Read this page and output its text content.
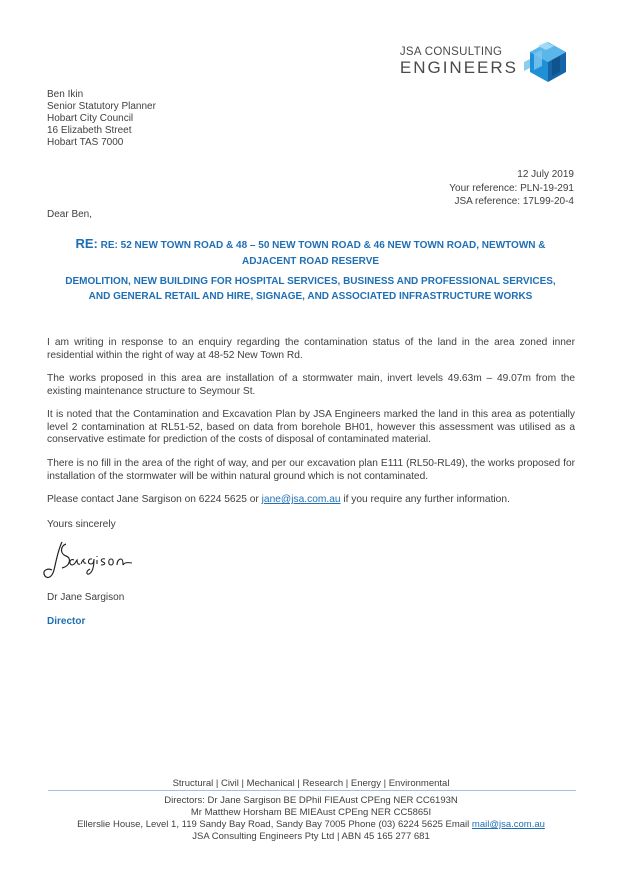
JSA CONSULTING
ENGINEERS
Ben Ikin
Senior Statutory Planner
Hobart City Council
16 Elizabeth Street
Hobart TAS 7000
12 July 2019
Your reference: PLN-19-291
JSA reference: 17L99-20-4
Dear Ben,
RE: RE: 52 NEW TOWN ROAD & 48 – 50 NEW TOWN ROAD & 46 NEW TOWN ROAD, NEWTOWN &
ADJACENT ROAD RESERVE
DEMOLITION, NEW BUILDING FOR HOSPITAL SERVICES, BUSINESS AND PROFESSIONAL SERVICES,
AND GENERAL RETAIL AND HIRE, SIGNAGE, AND ASSOCIATED INFRASTRUCTURE WORKS
I am writing in response to an enquiry regarding the contamination status of the land in the area zoned inner residential within the right of way at 48-52 New Town Rd.
The works proposed in this area are installation of a stormwater main, invert levels 49.63m – 49.07m from the existing maintenance structure to Seymour St.
It is noted that the Contamination and Excavation Plan by JSA Engineers marked the land in this area as potentially level 2 contamination at RL51-52, based on data from borehole BH01, however this assessment was utilised as a conservative estimate for prediction of the costs of disposal of contaminated material.
There is no fill in the area of the right of way, and per our excavation plan E111 (RL50-RL49), the works proposed for installation of the stormwater will be within natural ground which is not contaminated.
Please contact Jane Sargison on 6224 5625 or jane@jsa.com.au if you require any further information.
Yours sincerely
Dr Jane Sargison
Director
Structural | Civil | Mechanical | Research | Energy | Environmental
Directors: Dr Jane Sargison BE DPhil FIEAust CPEng NER CC6193N
Mr Matthew Horsham BE MIEAust CPEng NER CC5865I
Ellerslie House, Level 1, 119 Sandy Bay Road, Sandy Bay 7005 Phone (03) 6224 5625 Email mail@jsa.com.au
JSA Consulting Engineers Pty Ltd | ABN 45 165 277 681
